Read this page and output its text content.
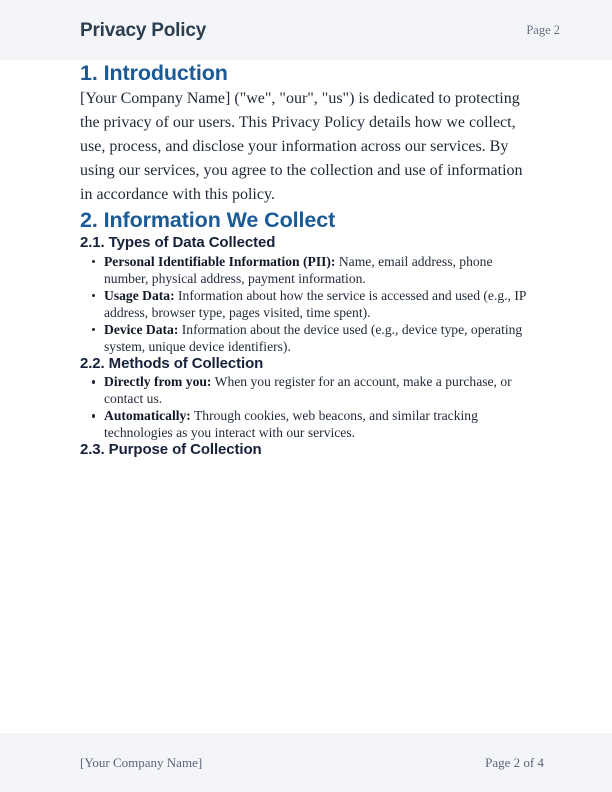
Privacy Policy	Page 2
1. Introduction

[Your Company Name] ("we", "our", "us") is dedicated to protecting the privacy of our users. This Privacy Policy details how we collect, use, process, and disclose your information across our services. By using our services, you agree to the collection and use of information in accordance with this policy.

2. Information We Collect
2.1. Types of Data Collected
Personal Identifiable Information (PII): Name, email address, phone number, physical address, payment information.
Usage Data: Information about how the service is accessed and used (e.g., IP address, browser type, pages visited, time spent).
Device Data: Information about the device used (e.g., device type, operating system, unique device identifiers).
2.2. Methods of Collection
Directly from you: When you register for an account, make a purchase, or contact us.
Automatically: Through cookies, web beacons, and similar tracking technologies as you interact with our services.
2.3. Purpose of Collection
[Your Company Name]	Page 2 of 4
